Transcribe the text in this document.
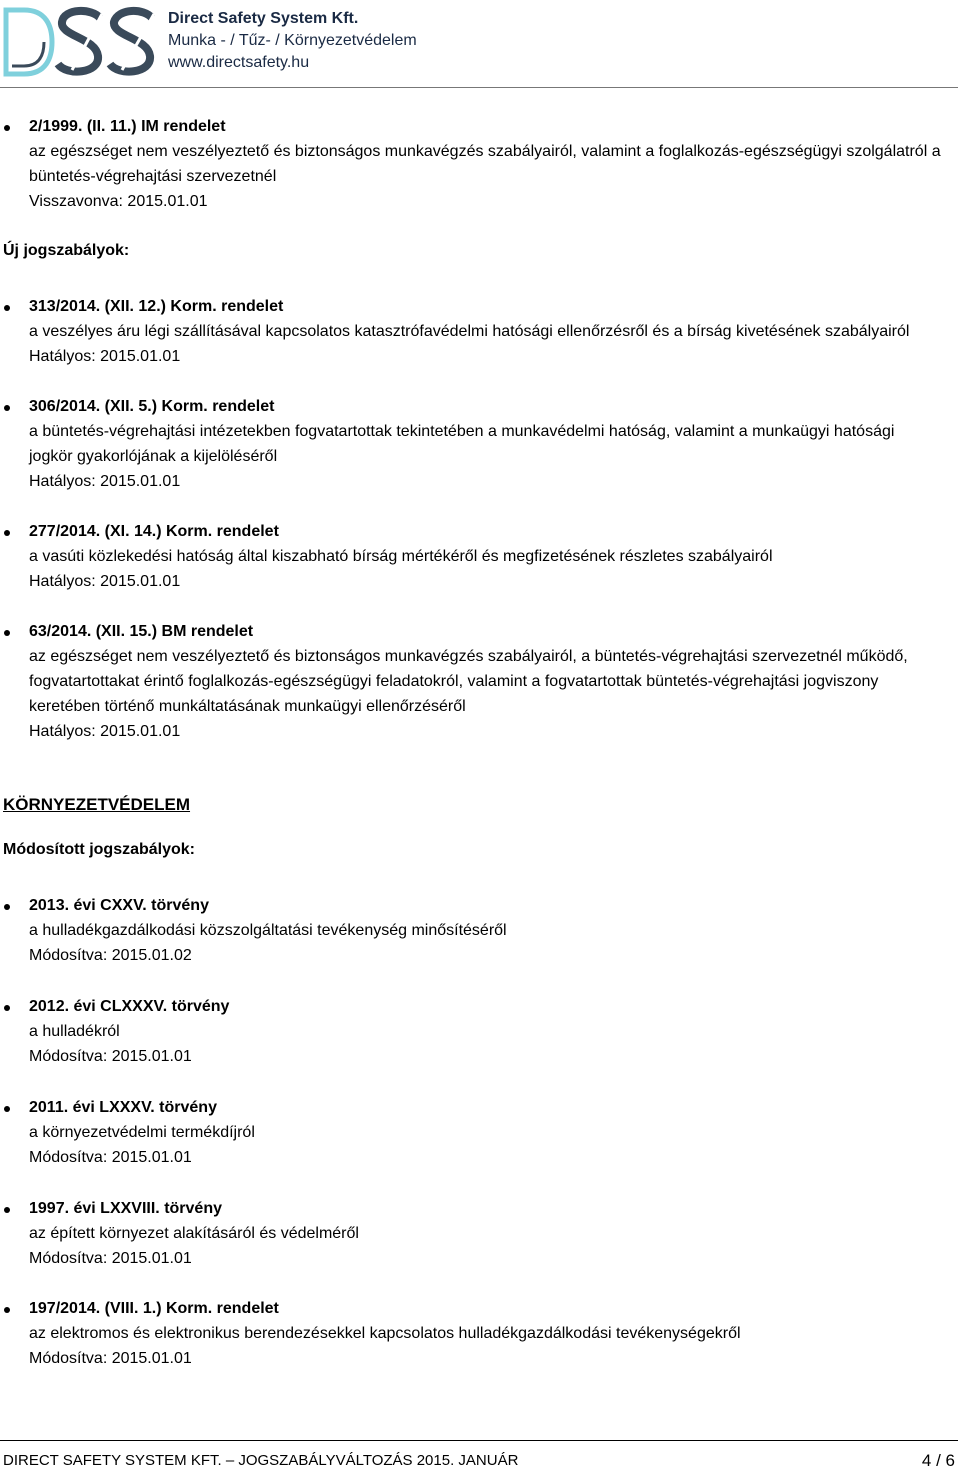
Direct Safety System Kft.
Munka - / Tűz- / Környezetvédelem
www.directsafety.hu
2/1999. (II. 11.) IM rendelet
az egészséget nem veszélyeztető és biztonságos munkavégzés szabályairól, valamint a foglalkozás-egészségügyi szolgálatról a
büntetés-végrehajtási szervezetnél
Visszavonva: 2015.01.01
Új jogszabályok:
313/2014. (XII. 12.) Korm. rendelet
a veszélyes áru légi szállításával kapcsolatos katasztrófavédelmi hatósági ellenőrzésről és a bírság kivetésének szabályairól
Hatályos: 2015.01.01
306/2014. (XII. 5.) Korm. rendelet
a büntetés-végrehajtási intézetekben fogvatartottak tekintetében a munkavédelmi hatóság, valamint a munkaügyi hatósági
jogkör gyakorlójának a kijelöléséről
Hatályos: 2015.01.01
277/2014. (XI. 14.) Korm. rendelet
a vasúti közlekedési hatóság által kiszabható bírság mértékéről és megfizetésének részletes szabályairól
Hatályos: 2015.01.01
63/2014. (XII. 15.) BM rendelet
az egészséget nem veszélyeztető és biztonságos munkavégzés szabályairól, a büntetés-végrehajtási szervezetnél működő,
fogvatartottakat érintő foglalkozás-egészségügyi feladatokról, valamint a fogvatartottak büntetés-végrehajtási jogviszony
keretében történő munkáltatásának munkaügyi ellenőrzéséről
Hatályos: 2015.01.01
KÖRNYEZETVÉDELEM
Módosított jogszabályok:
2013. évi CXXV. törvény
a hulladékgazdálkodási közszolgáltatási tevékenység minősítéséről
Módosítva: 2015.01.02
2012. évi CLXXXV. törvény
a hulladékról
Módosítva: 2015.01.01
2011. évi LXXXV. törvény
a környezetvédelmi termékdíjról
Módosítva: 2015.01.01
1997. évi LXXVIII. törvény
az épített környezet alakításáról és védelméről
Módosítva: 2015.01.01
197/2014. (VIII. 1.) Korm. rendelet
az elektromos és elektronikus berendezésekkel kapcsolatos hulladékgazdálkodási tevékenységekről
Módosítva: 2015.01.01
DIRECT SAFETY SYSTEM KFT. – JOGSZABÁLYVÁLTOZÁS 2015. JANUÁR	4 / 6
